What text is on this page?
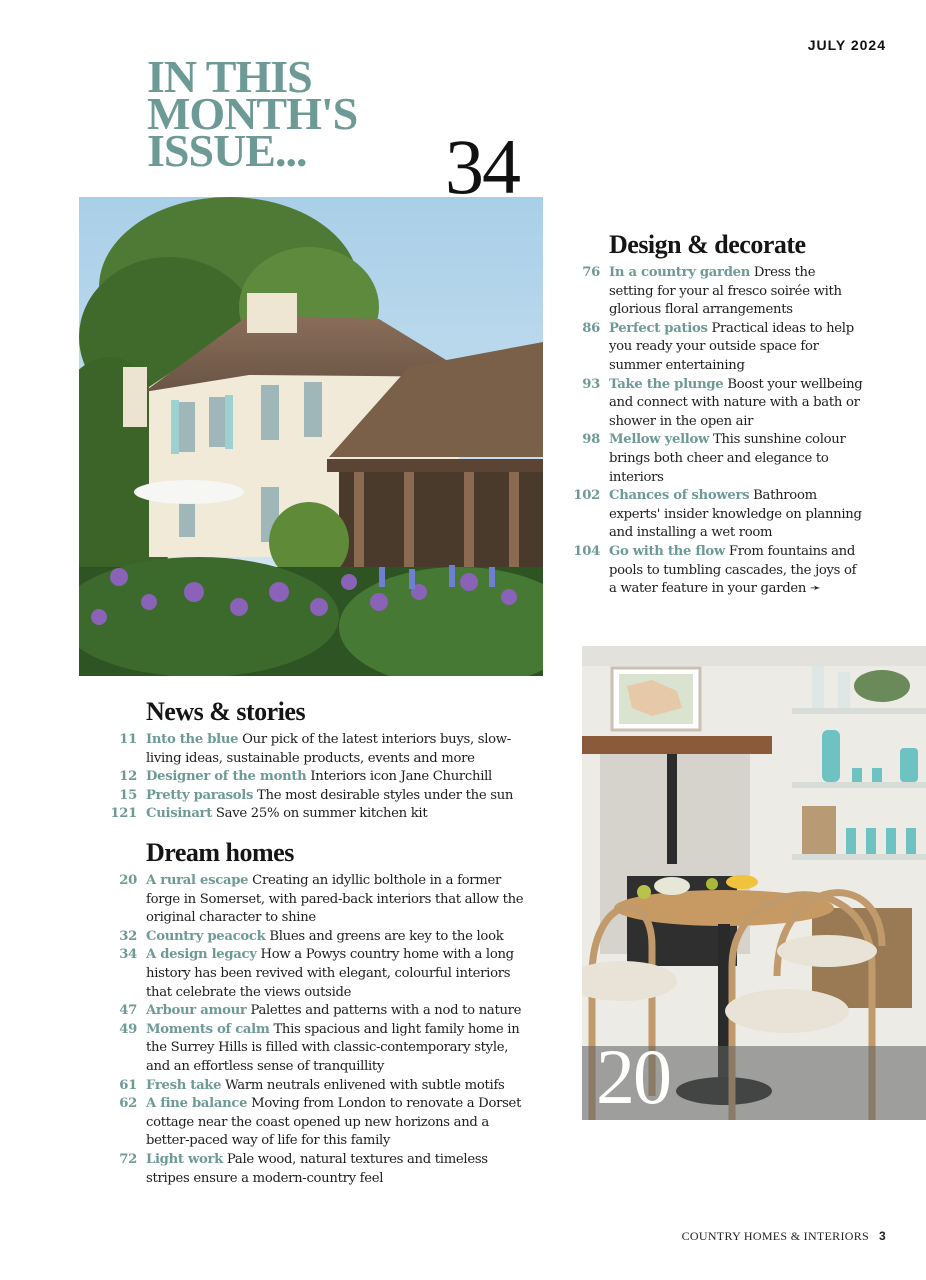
JULY 2024
IN THIS
MONTH'S
ISSUE...	34
Design & decorate
76 In a country garden Dress the setting for your al fresco soirée with glorious floral arrangements
86 Perfect patios Practical ideas to help you ready your outside space for summer entertaining
93 Take the plunge Boost your wellbeing and connect with nature with a bath or shower in the open air
98 Mellow yellow This sunshine colour brings both cheer and elegance to interiors
102 Chances of showers Bathroom experts' insider knowledge on planning and installing a wet room
104 Go with the flow From fountains and pools to tumbling cascades, the joys of a water feature in your garden ➛
20
News & stories
11 Into the blue Our pick of the latest interiors buys, slow-living ideas, sustainable products, events and more
12 Designer of the month Interiors icon Jane Churchill
15 Pretty parasols The most desirable styles under the sun
121 Cuisinart Save 25% on summer kitchen kit
Dream homes
20 A rural escape Creating an idyllic bolthole in a former forge in Somerset, with pared-back interiors that allow the original character to shine
32 Country peacock Blues and greens are key to the look
34 A design legacy How a Powys country home with a long history has been revived with elegant, colourful interiors that celebrate the views outside
47 Arbour amour Palettes and patterns with a nod to nature
49 Moments of calm This spacious and light family home in the Surrey Hills is filled with classic-contemporary style, and an effortless sense of tranquillity
61 Fresh take Warm neutrals enlivened with subtle motifs
62 A fine balance Moving from London to renovate a Dorset cottage near the coast opened up new horizons and a better-paced way of life for this family
72 Light work Pale wood, natural textures and timeless stripes ensure a modern-country feel
COUNTRY HOMES & INTERIORS 3
